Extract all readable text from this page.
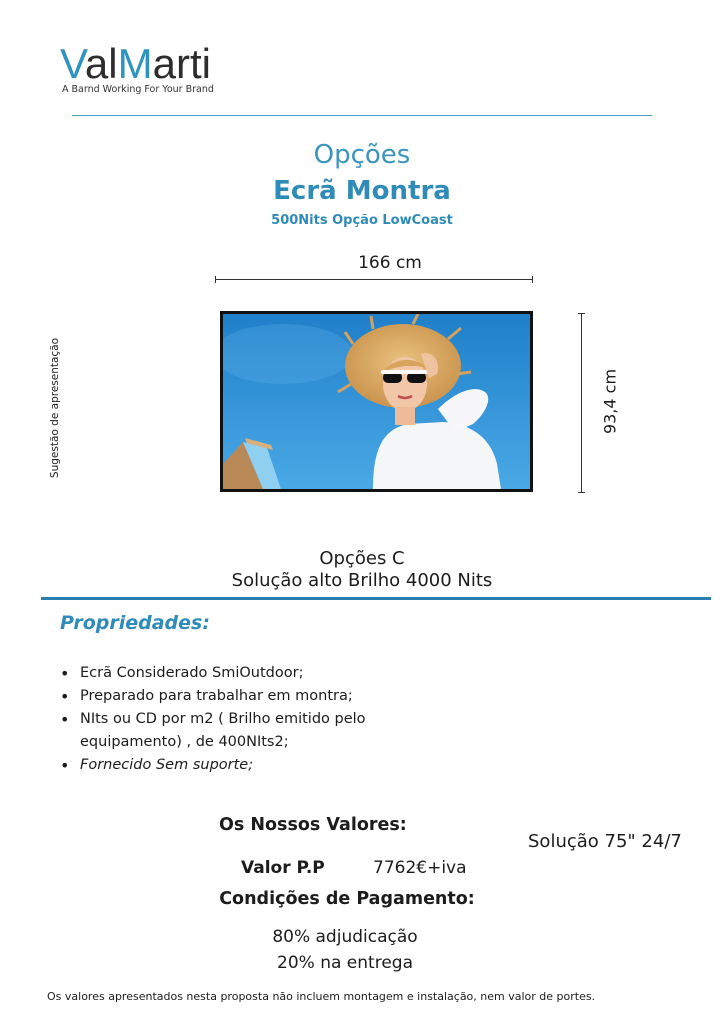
ValMarti
A Barnd Working For Your Brand
Opções
Ecrã Montra
500Nits Opção LowCoast
166 cm
93,4 cm
Sugestão de apresentação
Opções C
Solução alto Brilho 4000 Nits
Propriedades:
• Ecrã Considerado SmiOutdoor;
• Preparado para trabalhar em montra;
• NIts ou CD por m2 ( Brilho emitido pelo equipamento) , de 400NIts2;
• Fornecido Sem suporte;
Os Nossos Valores:
Solução 75" 24/7
Valor P.P	7762€+iva
Condições de Pagamento:
80% adjudicação
20% na entrega
Os valores apresentados nesta proposta não incluem montagem e instalação, nem valor de portes.
